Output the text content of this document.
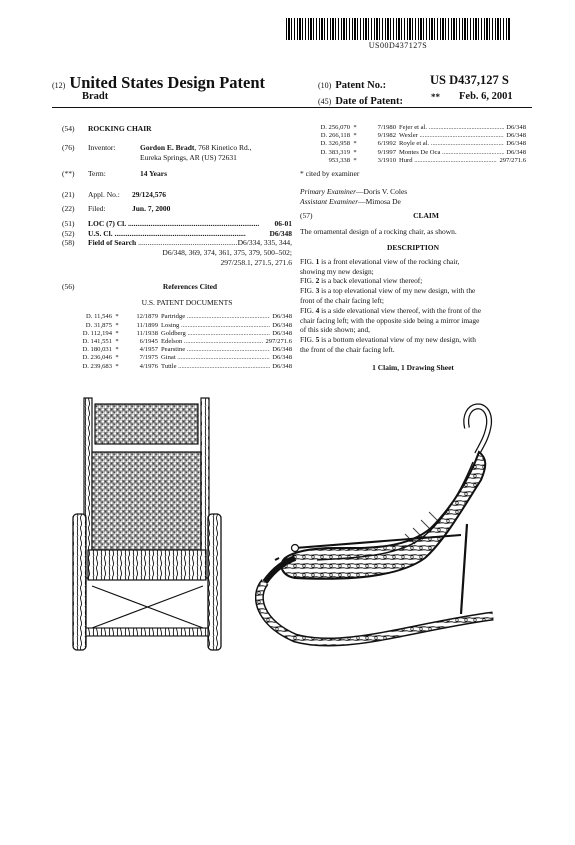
US00D437127S
(12) United States Design Patent
Bradt
(10) Patent No.:	US D437,127 S
(45) Date of Patent:	** Feb. 6, 2001
(54)	ROCKING CHAIR
(76)	Inventor:	Gordon E. Bradt, 768 Kinetico Rd.,
Eureka Springs, AR (US) 72631
(**)	Term:	14 Years
(21)	Appl. No.:	29/124,576
(22)	Filed:	Jun. 7, 2000
(51)	LOC (7) Cl. .....	06-01
(52)	U.S. Cl. .....	D6/348
(58)	Field of Search .....	D6/334, 335, 344,
D6/348, 369, 374, 361, 375, 379, 500–502;
297/258.1, 271.5, 271.6
(56)	References Cited
U.S. PATENT DOCUMENTS
D. 11,546 *	12/1879 Partridge .....	D6/348
D. 31,875 *	11/1899 Losing .....	D6/348
D. 112,194 *	11/1938 Goldberg .....	D6/348
D. 141,551 *	6/1945 Edelson .....	297/271.6
D. 180,031 *	4/1957 Pearstine .....	D6/348
D. 236,046 *	7/1975 Ginat .....	D6/348
D. 239,683 *	4/1976 Tuttle .....	D6/348
D. 256,070 *	7/1980 Fejer et al. .....	D6/348
D. 266,118 *	9/1982 Wexler .....	D6/348
D. 326,958 *	6/1992 Royle et al. .....	D6/348
D. 383,319 *	9/1997 Montes De Oca .....	D6/348
953,338 *	3/1910 Hurd .....	297/271.6
* cited by examiner
Primary Examiner—Doris V. Coles
Assistant Examiner—Mimosa De
(57)	CLAIM
The ornamental design of a rocking chair, as shown.
DESCRIPTION
FIG. 1 is a front elevational view of the rocking chair,
showing my new design;
FIG. 2 is a back elevational view thereof;
FIG. 3 is a top elevational view of my new design, with the
front of the chair facing left;
FIG. 4 is a side elevational view thereof, with the front of the
chair facing left; with the opposite side being a mirror image
of this side shown; and,
FIG. 5 is a bottom elevational view of my new design, with
the front of the chair facing left.
1 Claim, 1 Drawing Sheet
